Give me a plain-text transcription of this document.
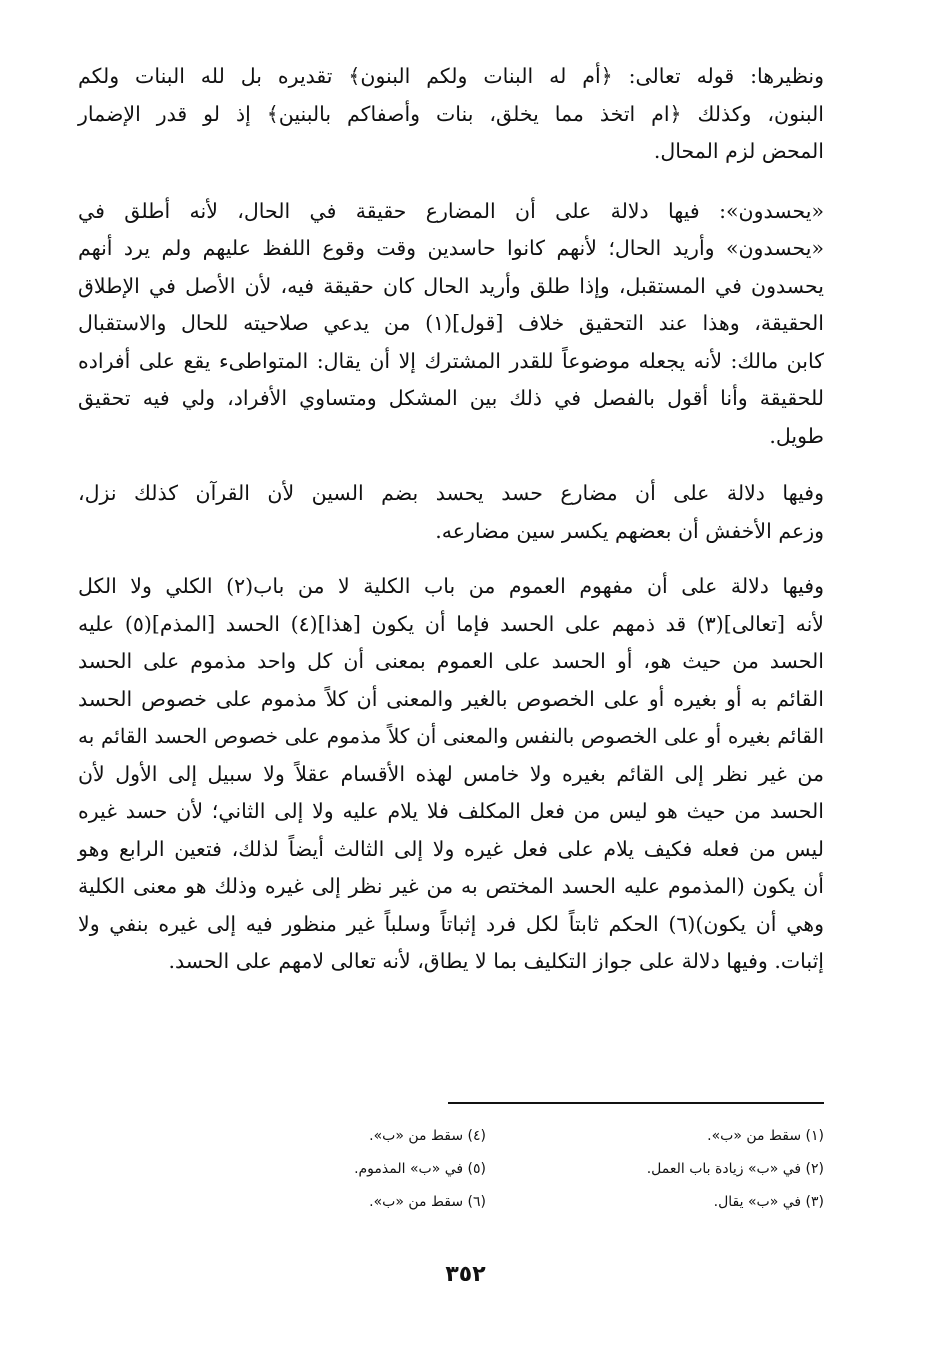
ونظيرها: قوله تعالى: ﴿أم له البنات ولكم البنون﴾ تقديره بل لله البنات ولكم
البنون، وكذلك ﴿ام اتخذ مما يخلق، بنات وأصفاكم بالبنين﴾ إذ لو قدر الإضمار
المحض لزم المحال.
«يحسدون»: فيها دلالة على أن المضارع حقيقة في الحال، لأنه أطلق في
«يحسدون» وأريد الحال؛ لأنهم كانوا حاسدين وقت وقوع اللفظ عليهم ولم يرد أنهم
يحسدون في المستقبل، وإذا طلق وأريد الحال كان حقيقة فيه، لأن الأصل في الإطلاق
الحقيقة، وهذا عند التحقيق خلاف [قول](١) من يدعي صلاحيته للحال والاستقبال
كابن مالك: لأنه يجعله موضوعاً للقدر المشترك إلا أن يقال: المتواطىء يقع على أفراده
للحقيقة وأنا أقول بالفصل في ذلك بين المشكل ومتساوي الأفراد، ولي فيه تحقيق
طويل.
وفيها دلالة على أن مضارع حسد يحسد بضم السين لأن القرآن كذلك نزل،
وزعم الأخفش أن بعضهم يكسر سين مضارعه.
وفيها دلالة على أن مفهوم العموم من باب الكلية لا من باب(٢) الكلي ولا الكل
لأنه [تعالى](٣) قد ذمهم على الحسد فإما أن يكون [هذا](٤) الحسد [المذم](٥) عليه
الحسد من حيث هو، أو الحسد على العموم بمعنى أن كل واحد مذموم على الحسد
القائم به أو بغيره أو على الخصوص بالغير والمعنى أن كلاً مذموم على خصوص الحسد
القائم بغيره أو على الخصوص بالنفس والمعنى أن كلاً مذموم على خصوص الحسد القائم به
من غير نظر إلى القائم بغيره ولا خامس لهذه الأقسام عقلاً ولا سبيل إلى الأول لأن
الحسد من حيث هو ليس من فعل المكلف فلا يلام عليه ولا إلى الثاني؛ لأن حسد غيره
ليس من فعله فكيف يلام على فعل غيره ولا إلى الثالث أيضاً لذلك، فتعين الرابع وهو
أن يكون (المذموم عليه الحسد المختص به من غير نظر إلى غيره وذلك هو معنى الكلية
وهي أن يكون)(٦) الحكم ثابتاً لكل فرد إثباتاً وسلباً غير منظور فيه إلى غيره بنفي ولا
إثبات. وفيها دلالة على جواز التكليف بما لا يطاق، لأنه تعالى لامهم على الحسد.
(١) سقط من «ب».
(٢) في «ب» زيادة باب العمل.
(٣) في «ب» يقال.
(٤) سقط من «ب».
(٥) في «ب» المذموم.
(٦) سقط من «ب».
٣٥٢
